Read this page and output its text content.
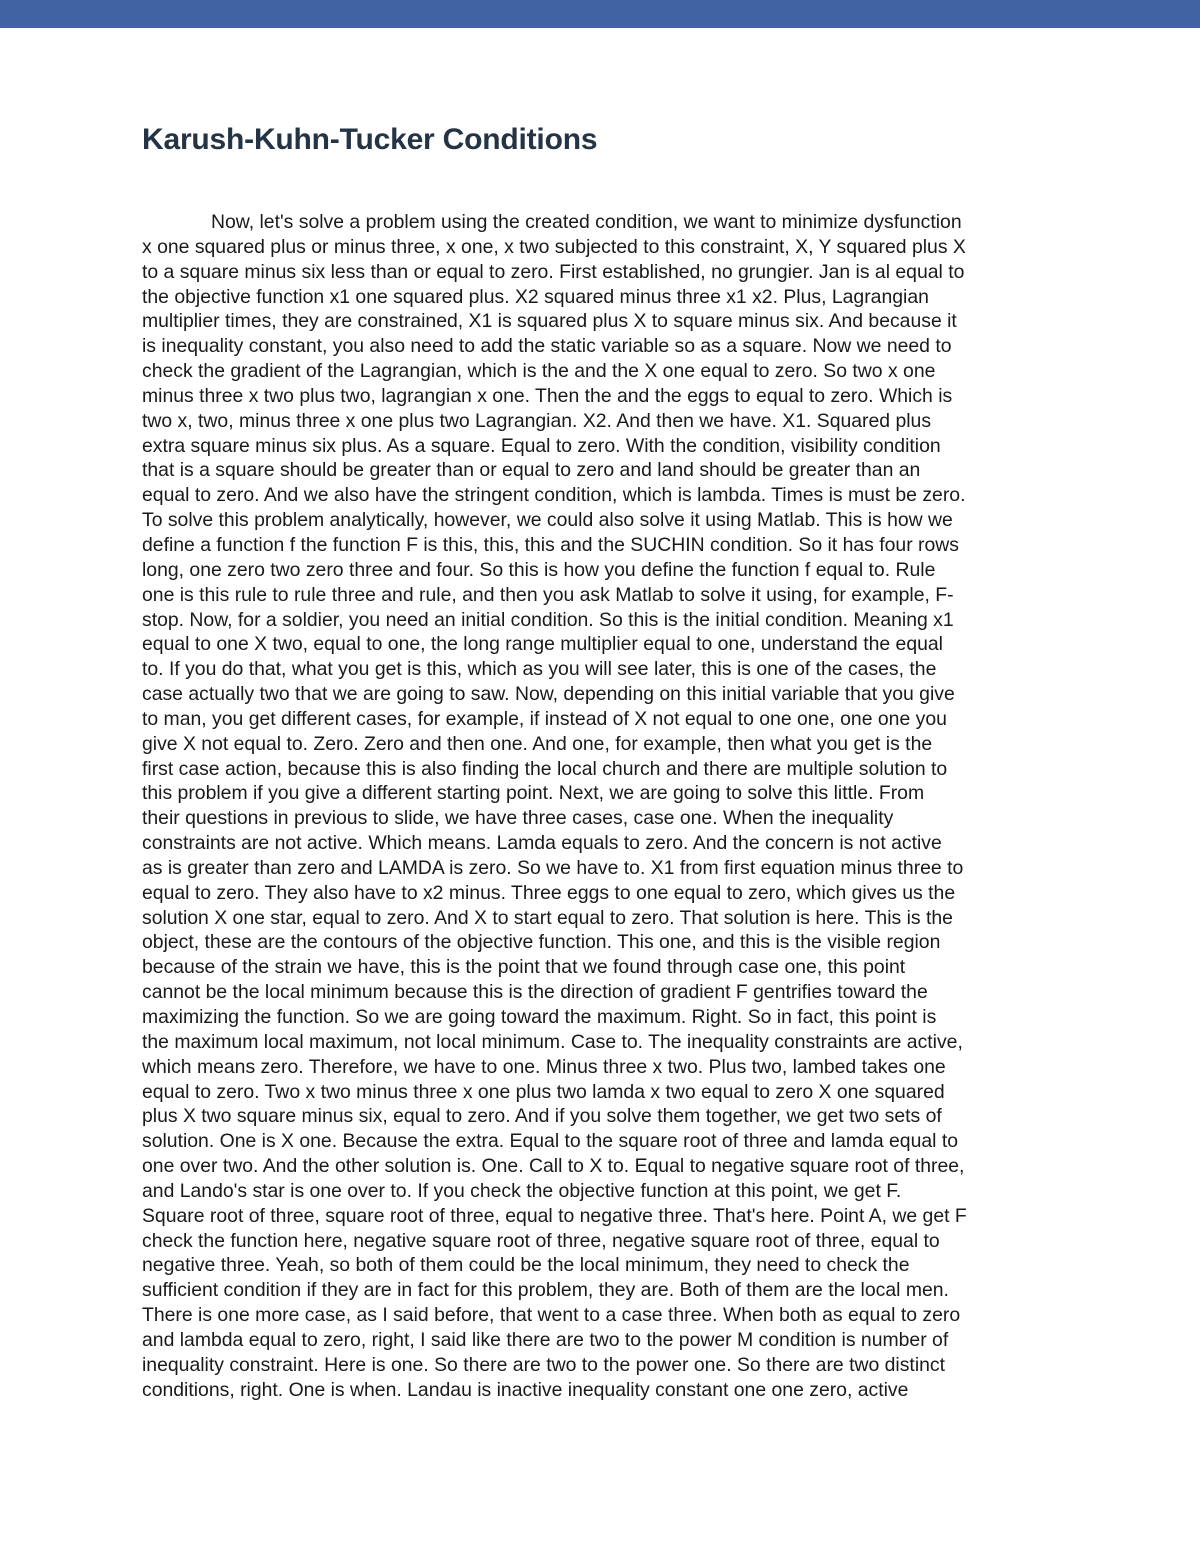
Karush-Kuhn-Tucker Conditions
Now, let's solve a problem using the created condition, we want to minimize dysfunction
x one squared plus or minus three, x one, x two subjected to this constraint, X, Y squared plus X
to a square minus six less than or equal to zero. First established, no grungier. Jan is al equal to
the objective function x1 one squared plus. X2 squared minus three x1 x2. Plus, Lagrangian
multiplier times, they are constrained, X1 is squared plus X to square minus six. And because it
is inequality constant, you also need to add the static variable so as a square. Now we need to
check the gradient of the Lagrangian, which is the and the X one equal to zero. So two x one
minus three x two plus two, lagrangian x one. Then the and the eggs to equal to zero. Which is
two x, two, minus three x one plus two Lagrangian. X2. And then we have. X1. Squared plus
extra square minus six plus. As a square. Equal to zero. With the condition, visibility condition
that is a square should be greater than or equal to zero and land should be greater than an
equal to zero. And we also have the stringent condition, which is lambda. Times is must be zero.
To solve this problem analytically, however, we could also solve it using Matlab. This is how we
define a function f the function F is this, this, this and the SUCHIN condition. So it has four rows
long, one zero two zero three and four. So this is how you define the function f equal to. Rule
one is this rule to rule three and rule, and then you ask Matlab to solve it using, for example, F-
stop. Now, for a soldier, you need an initial condition. So this is the initial condition. Meaning x1
equal to one X two, equal to one, the long range multiplier equal to one, understand the equal
to. If you do that, what you get is this, which as you will see later, this is one of the cases, the
case actually two that we are going to saw. Now, depending on this initial variable that you give
to man, you get different cases, for example, if instead of X not equal to one one, one one you
give X not equal to. Zero. Zero and then one. And one, for example, then what you get is the
first case action, because this is also finding the local church and there are multiple solution to
this problem if you give a different starting point. Next, we are going to solve this little. From
their questions in previous to slide, we have three cases, case one. When the inequality
constraints are not active. Which means. Lamda equals to zero. And the concern is not active
as is greater than zero and LAMDA is zero. So we have to. X1 from first equation minus three to
equal to zero. They also have to x2 minus. Three eggs to one equal to zero, which gives us the
solution X one star, equal to zero. And X to start equal to zero. That solution is here. This is the
object, these are the contours of the objective function. This one, and this is the visible region
because of the strain we have, this is the point that we found through case one, this point
cannot be the local minimum because this is the direction of gradient F gentrifies toward the
maximizing the function. So we are going toward the maximum. Right. So in fact, this point is
the maximum local maximum, not local minimum. Case to. The inequality constraints are active,
which means zero. Therefore, we have to one. Minus three x two. Plus two, lambed takes one
equal to zero. Two x two minus three x one plus two lamda x two equal to zero X one squared
plus X two square minus six, equal to zero. And if you solve them together, we get two sets of
solution. One is X one. Because the extra. Equal to the square root of three and lamda equal to
one over two. And the other solution is. One. Call to X to. Equal to negative square root of three,
and Lando's star is one over to. If you check the objective function at this point, we get F.
Square root of three, square root of three, equal to negative three. That's here. Point A, we get F
check the function here, negative square root of three, negative square root of three, equal to
negative three. Yeah, so both of them could be the local minimum, they need to check the
sufficient condition if they are in fact for this problem, they are. Both of them are the local men.
There is one more case, as I said before, that went to a case three. When both as equal to zero
and lambda equal to zero, right, I said like there are two to the power M condition is number of
inequality constraint. Here is one. So there are two to the power one. So there are two distinct
conditions, right. One is when. Landau is inactive inequality constant one one zero, active
